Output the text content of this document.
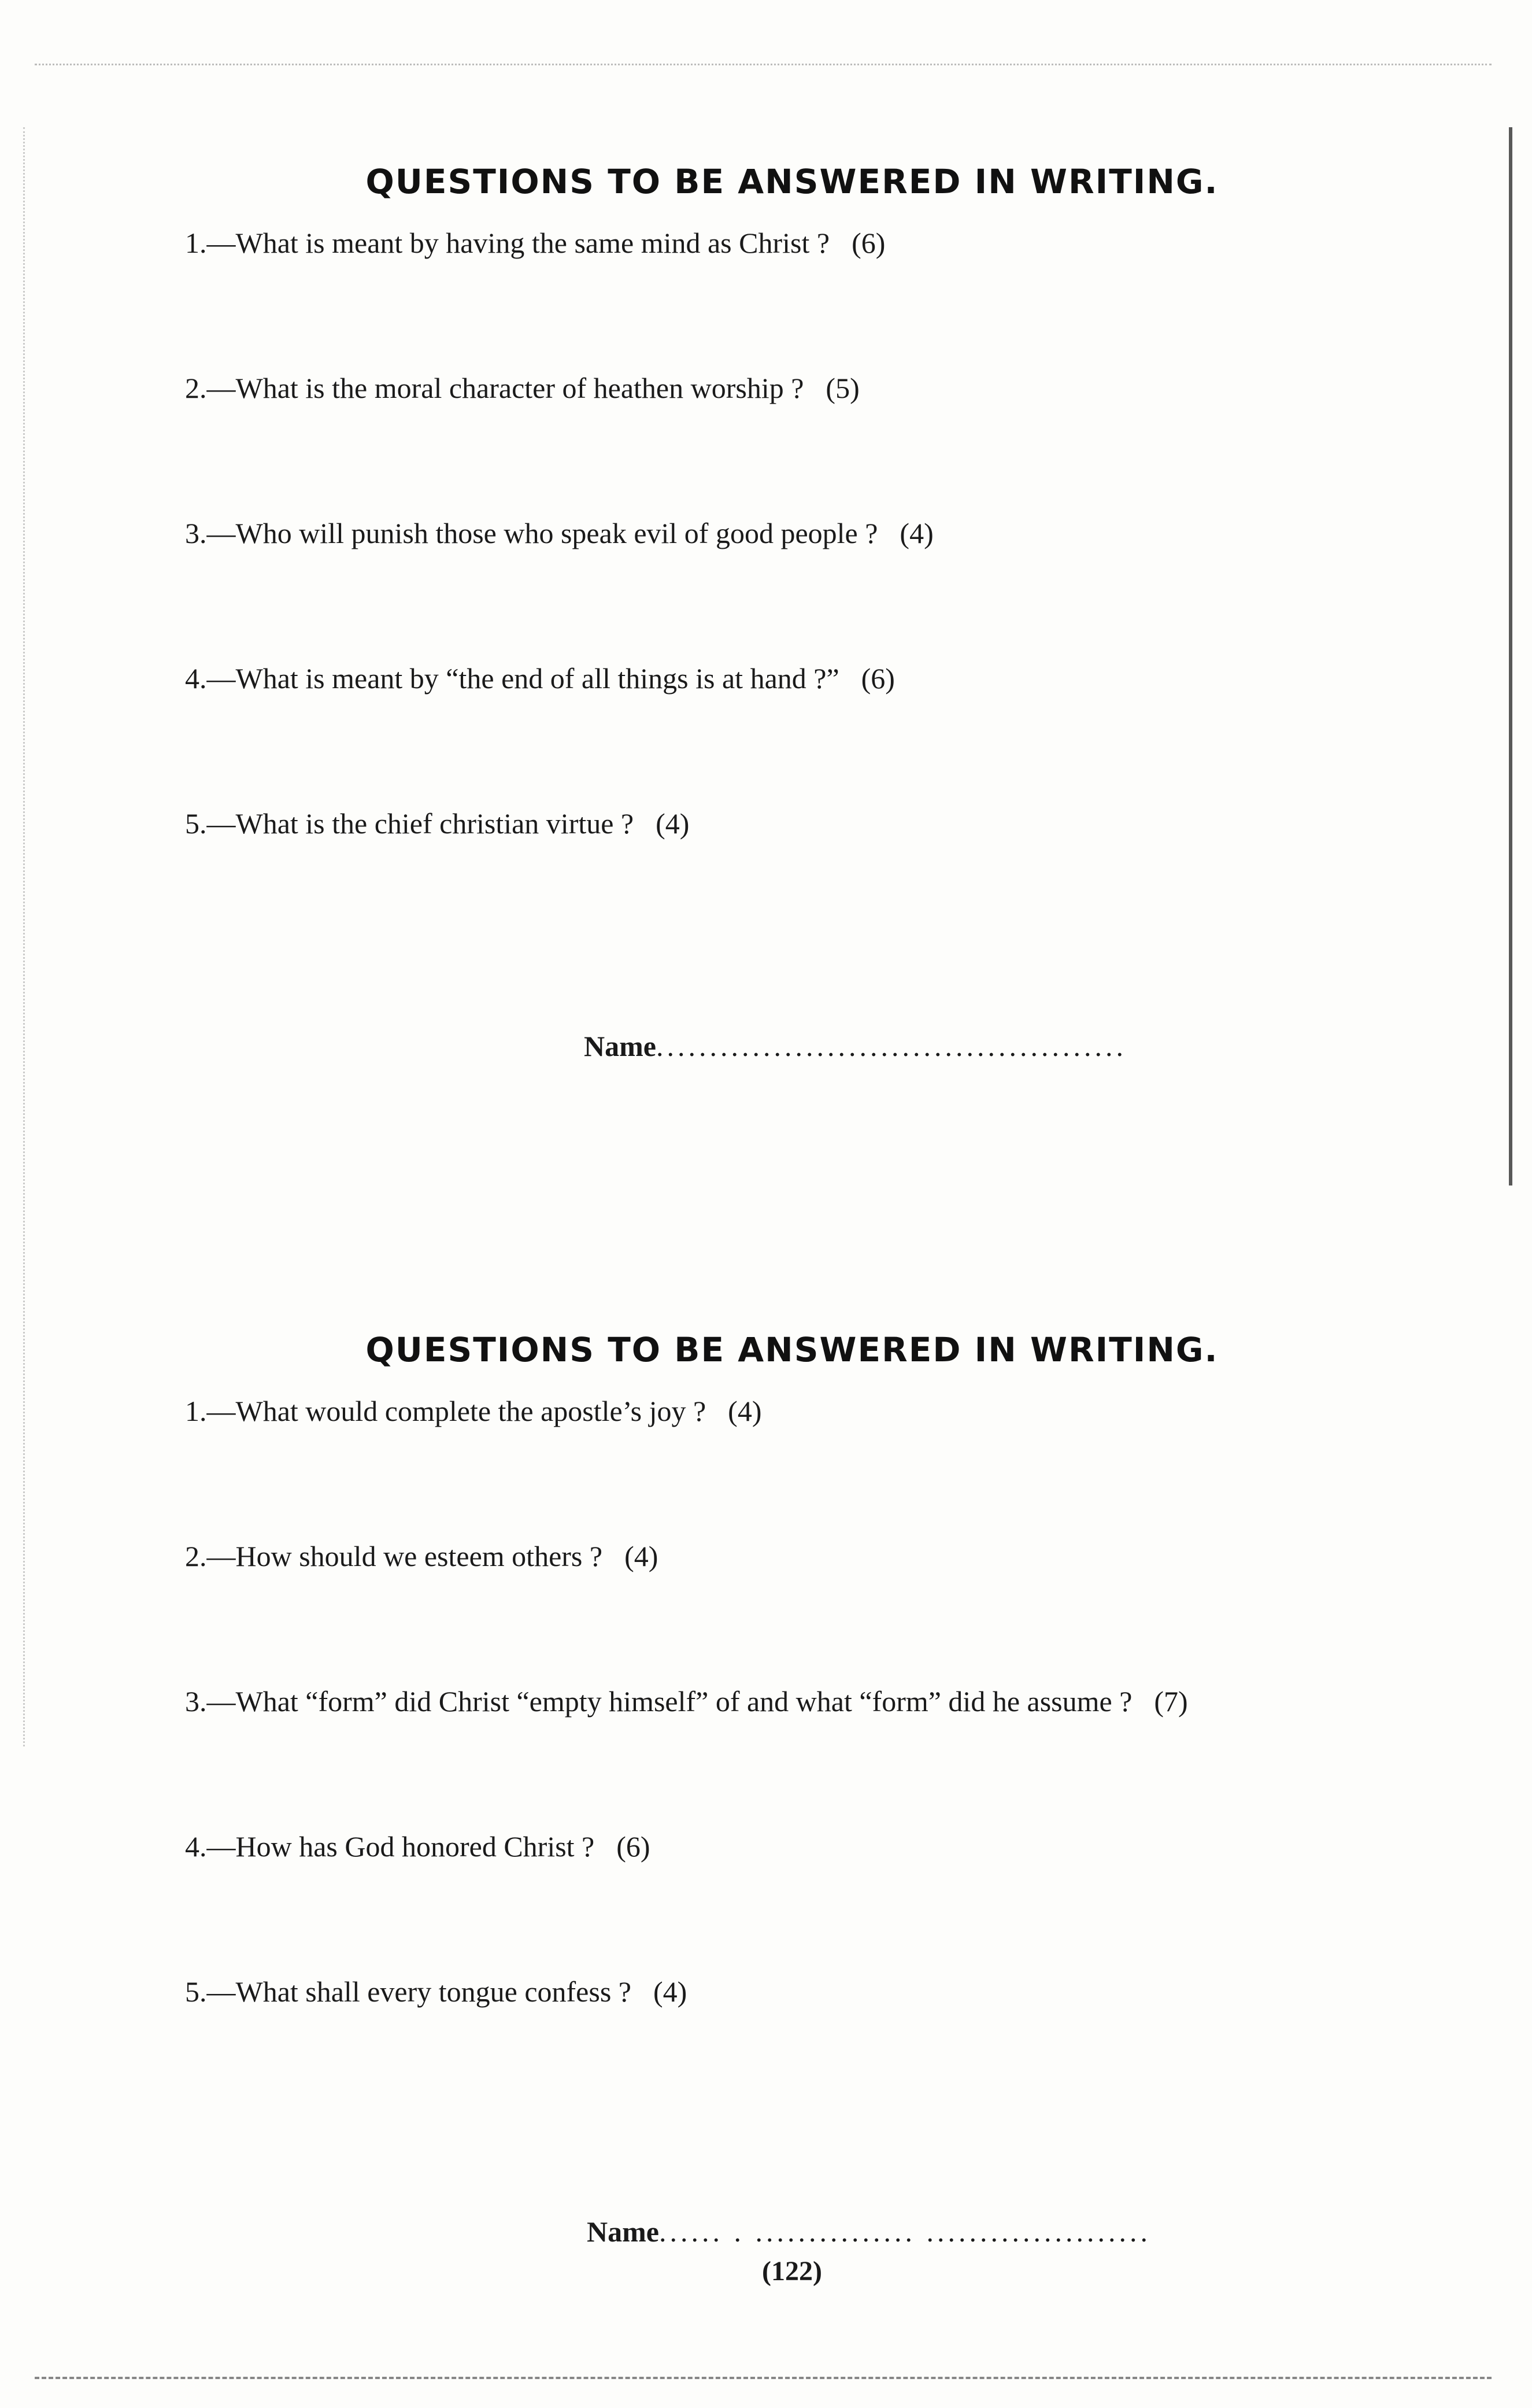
QUESTIONS TO BE ANSWERED IN WRITING.
1.—What is meant by having the same mind as Christ ? (6)
2.—What is the moral character of heathen worship ? (5)
3.—Who will punish those who speak evil of good people ? (4)
4.—What is meant by “the end of all things is at hand ?” (6)
5.—What is the chief christian virtue ? (4)
Name............................................
QUESTIONS TO BE ANSWERED IN WRITING.
1.—What would complete the apostle’s joy ? (4)
2.—How should we esteem others ? (4)
3.—What “form” did Christ “empty himself” of and what “form” did he assume ? (7)
4.—How has God honored Christ ? (6)
5.—What shall every tongue confess ? (4)
Name...... . ............... .....................
(122)
